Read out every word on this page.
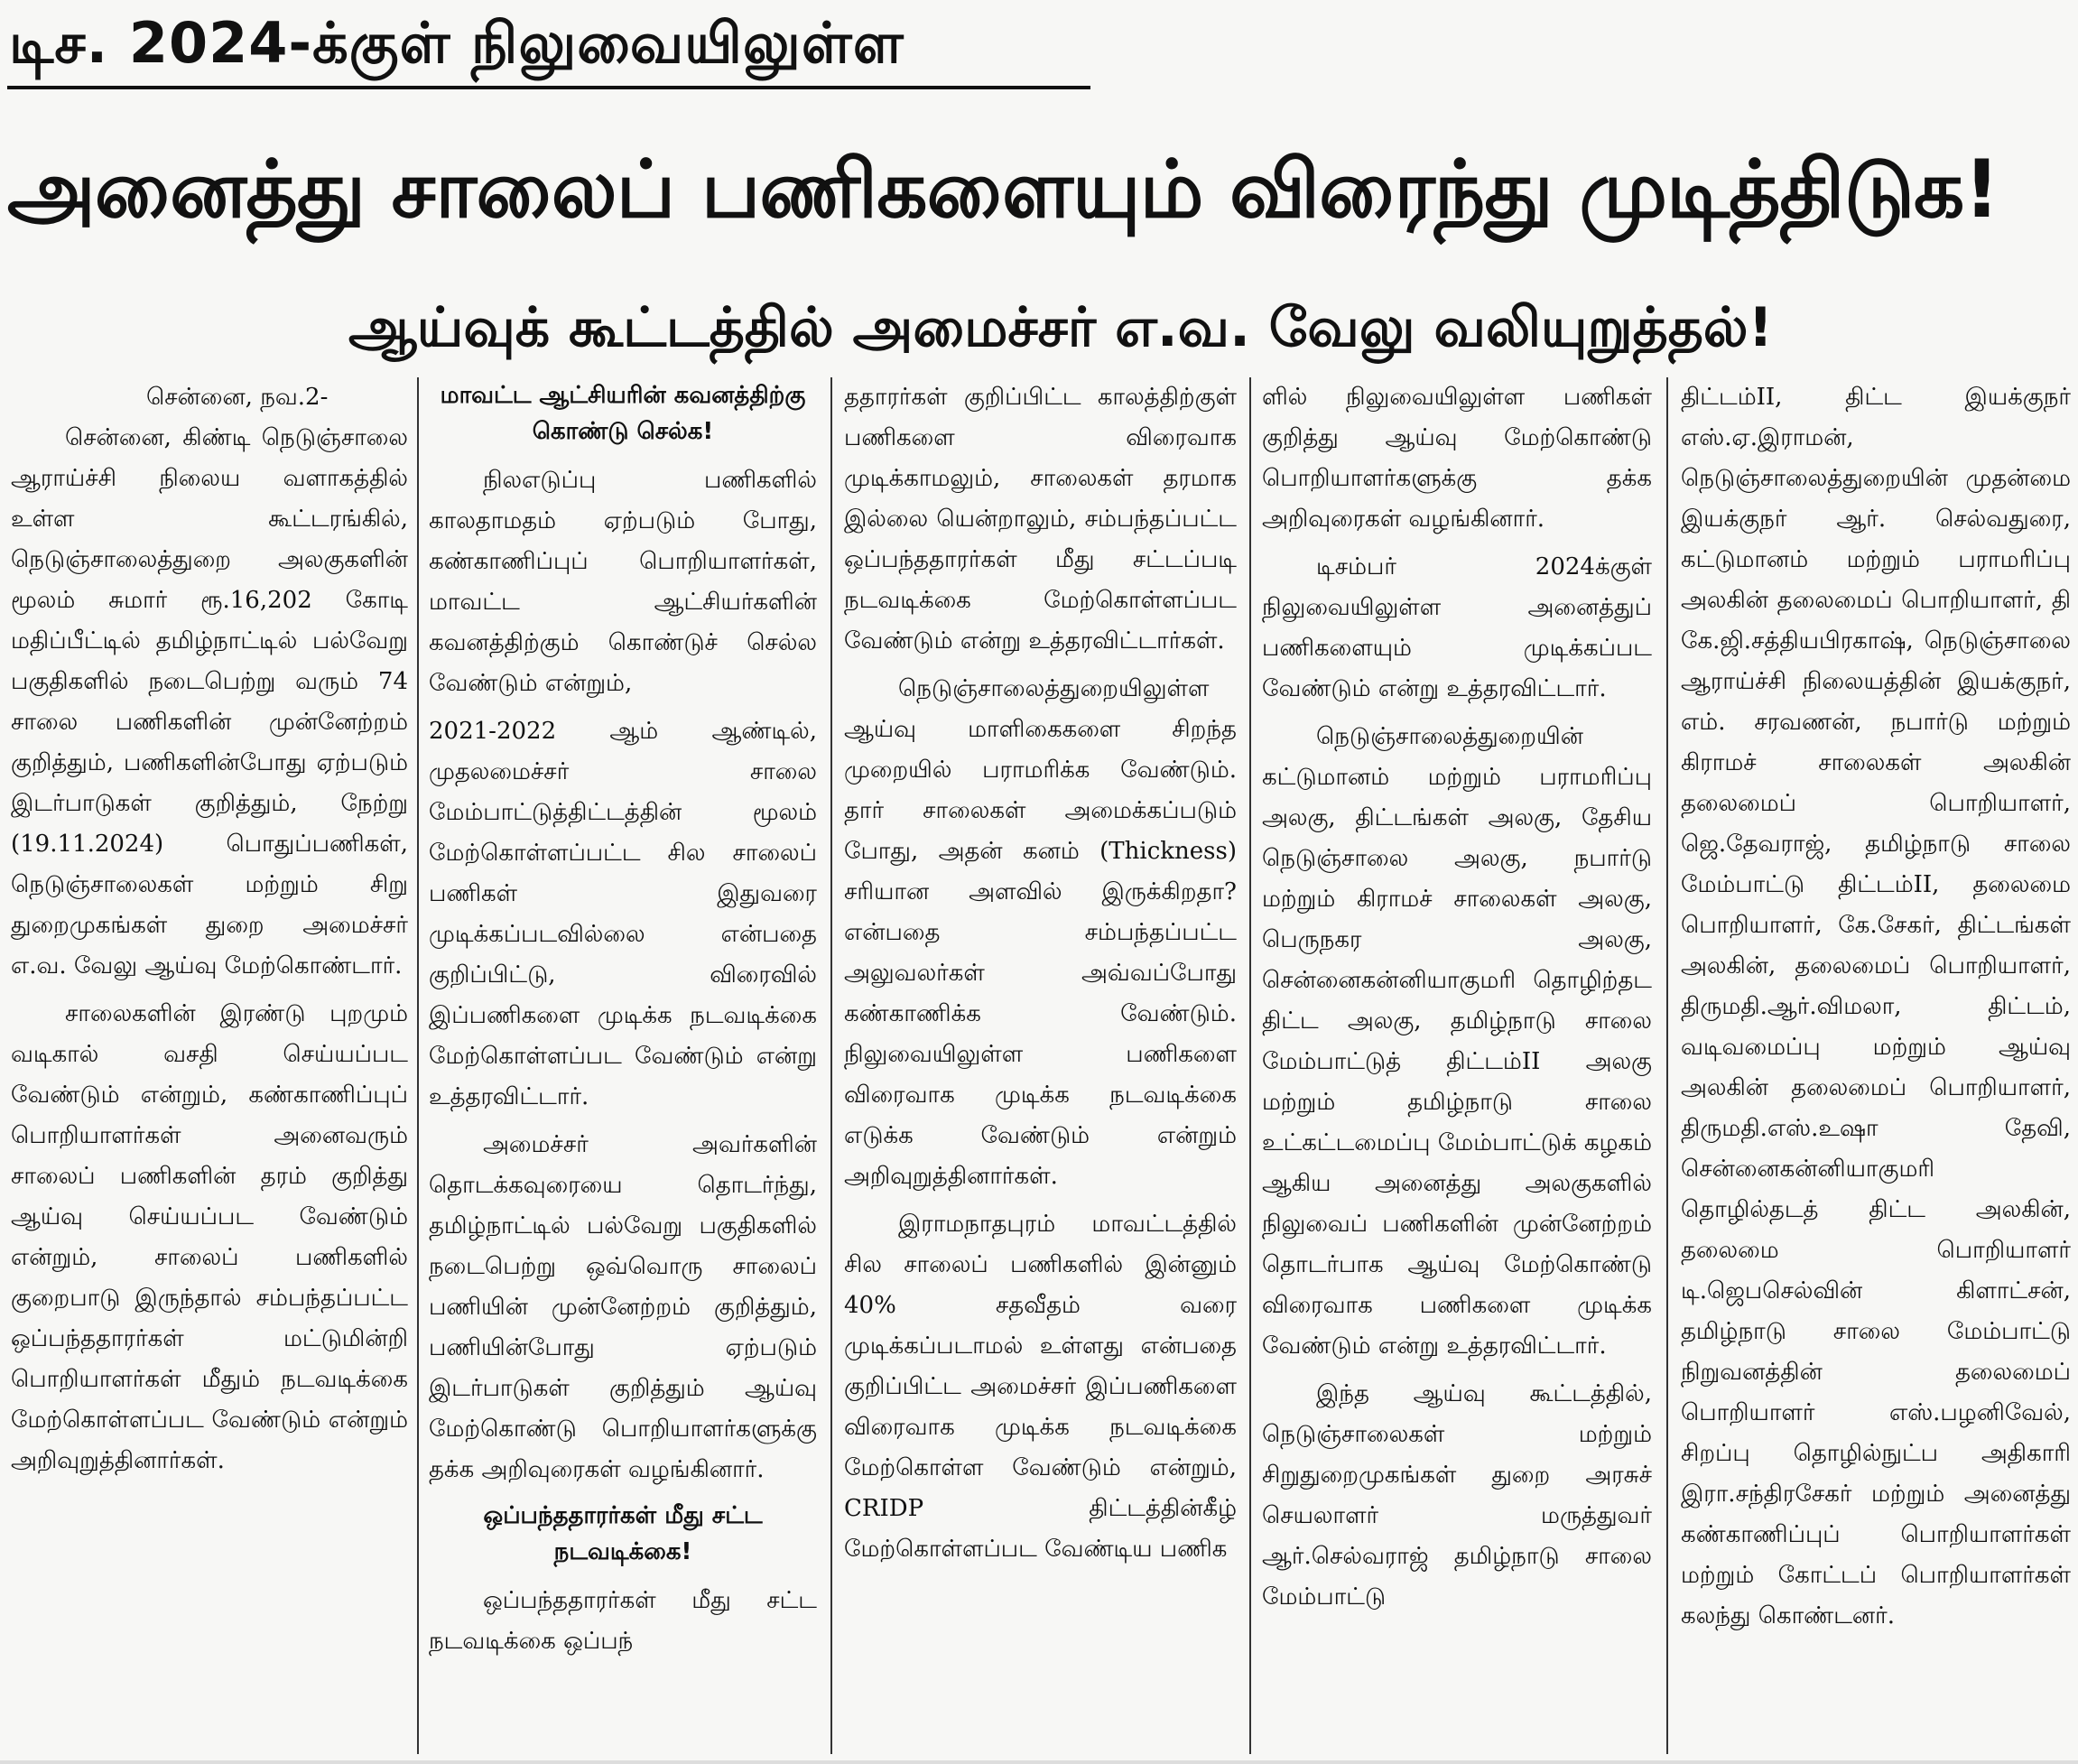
டிச. 2024-க்குள் நிலுவையிலுள்ள
அனைத்து சாலைப் பணிகளையும் விரைந்து முடித்திடுக!
ஆய்வுக் கூட்டத்தில் அமைச்சர் எ.வ. வேலு வலியுறுத்தல்!

சென்னை, நவ.2-

சென்னை, கிண்டி நெடுஞ்சாலை ஆராய்ச்சி நிலைய வளாகத்தில் உள்ள கூட்டரங்கில், நெடுஞ்சாலைத்துறை அலகுகளின் மூலம் சுமார் ரூ.16,202 கோடி மதிப்பீட்டில் தமிழ்நாட்டில் பல்வேறு பகுதிகளில் நடைபெற்று வரும் 74 சாலை பணிகளின் முன்னேற்றம் குறித்தும், பணிகளின்போது ஏற்படும் இடர்பாடுகள் குறித்தும், நேற்று (19.11.2024) பொதுப்பணிகள், நெடுஞ்சாலைகள் மற்றும் சிறு துறைமுகங்கள் துறை அமைச்சர் எ.வ. வேலு ஆய்வு மேற்கொண்டார்.

சாலைகளின் இரண்டு புறமும் வடிகால் வசதி செய்யப்பட வேண்டும் என்றும், கண்காணிப்புப் பொறியாளர்கள் அனைவரும் சாலைப் பணிகளின் தரம் குறித்து ஆய்வு செய்யப்பட வேண்டும் என்றும், சாலைப் பணிகளில் குறைபாடு இருந்தால் சம்பந்தப்பட்ட ஒப்பந்ததாரர்கள் மட்டுமின்றி பொறியாளர்கள் மீதும் நடவடிக்கை மேற்கொள்ளப்பட வேண்டும் என்றும் அறிவுறுத்தினார்கள்.

மாவட்ட ஆட்சியரின் கவனத்திற்கு கொண்டு செல்க!

நிலஎடுப்பு பணிகளில் காலதாமதம் ஏற்படும் போது, கண்காணிப்புப் பொறியாளர்கள், மாவட்ட ஆட்சியர்களின் கவனத்திற்கும் கொண்டுச் செல்ல வேண்டும் என்றும்,

2021-2022 ஆம் ஆண்டில், முதலமைச்சர் சாலை மேம்பாட்டுத்திட்டத்தின் மூலம் மேற்கொள்ளப்பட்ட சில சாலைப் பணிகள் இதுவரை முடிக்கப்படவில்லை என்பதை குறிப்பிட்டு, விரைவில் இப்பணிகளை முடிக்க நடவடிக்கை மேற்கொள்ளப்பட வேண்டும் என்று உத்தரவிட்டார்.

அமைச்சர் அவர்களின் தொடக்கவுரையை தொடர்ந்து, தமிழ்நாட்டில் பல்வேறு பகுதிகளில் நடைபெற்று ஒவ்வொரு சாலைப் பணியின் முன்னேற்றம் குறித்தும், பணியின்போது ஏற்படும் இடர்பாடுகள் குறித்தும் ஆய்வு மேற்கொண்டு பொறியாளர்களுக்கு தக்க அறிவுரைகள் வழங்கினார்.

ஒப்பந்ததாரர்கள் மீது சட்ட நடவடிக்கை!

ஒப்பந்ததாரர்கள் மீது சட்ட நடவடிக்கை ஒப்பந்

ததாரர்கள் குறிப்பிட்ட காலத்திற்குள் பணிகளை விரைவாக முடிக்காமலும், சாலைகள் தரமாக இல்லை யென்றாலும், சம்பந்தப்பட்ட ஒப்பந்ததாரர்கள் மீது சட்டப்படி நடவடிக்கை மேற்கொள்ளப்பட வேண்டும் என்று உத்தரவிட்டார்கள்.

நெடுஞ்சாலைத்துறையிலுள்ள ஆய்வு மாளிகைகளை சிறந்த முறையில் பராமரிக்க வேண்டும். தார் சாலைகள் அமைக்கப்படும் போது, அதன் கனம் (Thickness) சரியான அளவில் இருக்கிறதா? என்பதை சம்பந்தப்பட்ட அலுவலர்கள் அவ்வப்போது கண்காணிக்க வேண்டும். நிலுவையிலுள்ள பணிகளை விரைவாக முடிக்க நடவடிக்கை எடுக்க வேண்டும் என்றும் அறிவுறுத்தினார்கள்.

இராமநாதபுரம் மாவட்டத்தில் சில சாலைப் பணிகளில் இன்னும் 40% சதவீதம் வரை முடிக்கப்படாமல் உள்ளது என்பதை குறிப்பிட்ட அமைச்சர் இப்பணிகளை விரைவாக முடிக்க நடவடிக்கை மேற்கொள்ள வேண்டும் என்றும், CRIDP திட்டத்தின்கீழ் மேற்கொள்ளப்பட வேண்டிய பணிக

ளில் நிலுவையிலுள்ள பணிகள் குறித்து ஆய்வு மேற்கொண்டு பொறியாளர்களுக்கு தக்க அறிவுரைகள் வழங்கினார்.

டிசம்பர் 2024க்குள் நிலுவையிலுள்ள அனைத்துப் பணிகளையும் முடிக்கப்பட வேண்டும் என்று உத்தரவிட்டார்.

நெடுஞ்சாலைத்துறையின் கட்டுமானம் மற்றும் பராமரிப்பு அலகு, திட்டங்கள் அலகு, தேசிய நெடுஞ்சாலை அலகு, நபார்டு மற்றும் கிராமச் சாலைகள் அலகு, பெருநகர அலகு, சென்னைகன்னியாகுமரி தொழிற்தட திட்ட அலகு, தமிழ்நாடு சாலை மேம்பாட்டுத் திட்டம்II அலகு மற்றும் தமிழ்நாடு சாலை உட்கட்டமைப்பு மேம்பாட்டுக் கழகம் ஆகிய அனைத்து அலகுகளில் நிலுவைப் பணிகளின் முன்னேற்றம் தொடர்பாக ஆய்வு மேற்கொண்டு விரைவாக பணிகளை முடிக்க வேண்டும் என்று உத்தரவிட்டார்.

இந்த ஆய்வு கூட்டத்தில், நெடுஞ்சாலைகள் மற்றும் சிறுதுறைமுகங்கள் துறை அரசுச் செயலாளர் மருத்துவர் ஆர்.செல்வராஜ் தமிழ்நாடு சாலை மேம்பாட்டு

திட்டம்II, திட்ட இயக்குநர் எஸ்.ஏ.இராமன், நெடுஞ்சாலைத்துறையின் முதன்மை இயக்குநர் ஆர். செல்வதுரை, கட்டுமானம் மற்றும் பராமரிப்பு அலகின் தலைமைப் பொறியாளர், தி கே.ஜி.சத்தியபிரகாஷ், நெடுஞ்சாலை ஆராய்ச்சி நிலையத்தின் இயக்குநர், எம். சரவணன், நபார்டு மற்றும் கிராமச் சாலைகள் அலகின் தலைமைப் பொறியாளர், ஜெ.தேவராஜ், தமிழ்நாடு சாலை மேம்பாட்டு திட்டம்II, தலைமை பொறியாளர், கே.சேகர், திட்டங்கள் அலகின், தலைமைப் பொறியாளர், திருமதி.ஆர்.விமலா, திட்டம், வடிவமைப்பு மற்றும் ஆய்வு அலகின் தலைமைப் பொறியாளர், திருமதி.எஸ்.உஷா தேவி, சென்னைகன்னியாகுமரி தொழில்தடத் திட்ட அலகின், தலைமை பொறியாளர் டி.ஜெபசெல்வின் கிளாட்சன், தமிழ்நாடு சாலை மேம்பாட்டு நிறுவனத்தின் தலைமைப் பொறியாளர் எஸ்.பழனிவேல், சிறப்பு தொழில்நுட்ப அதிகாரி இரா.சந்திரசேகர் மற்றும் அனைத்து கண்காணிப்புப் பொறியாளர்கள் மற்றும் கோட்டப் பொறியாளர்கள் கலந்து கொண்டனர்.
